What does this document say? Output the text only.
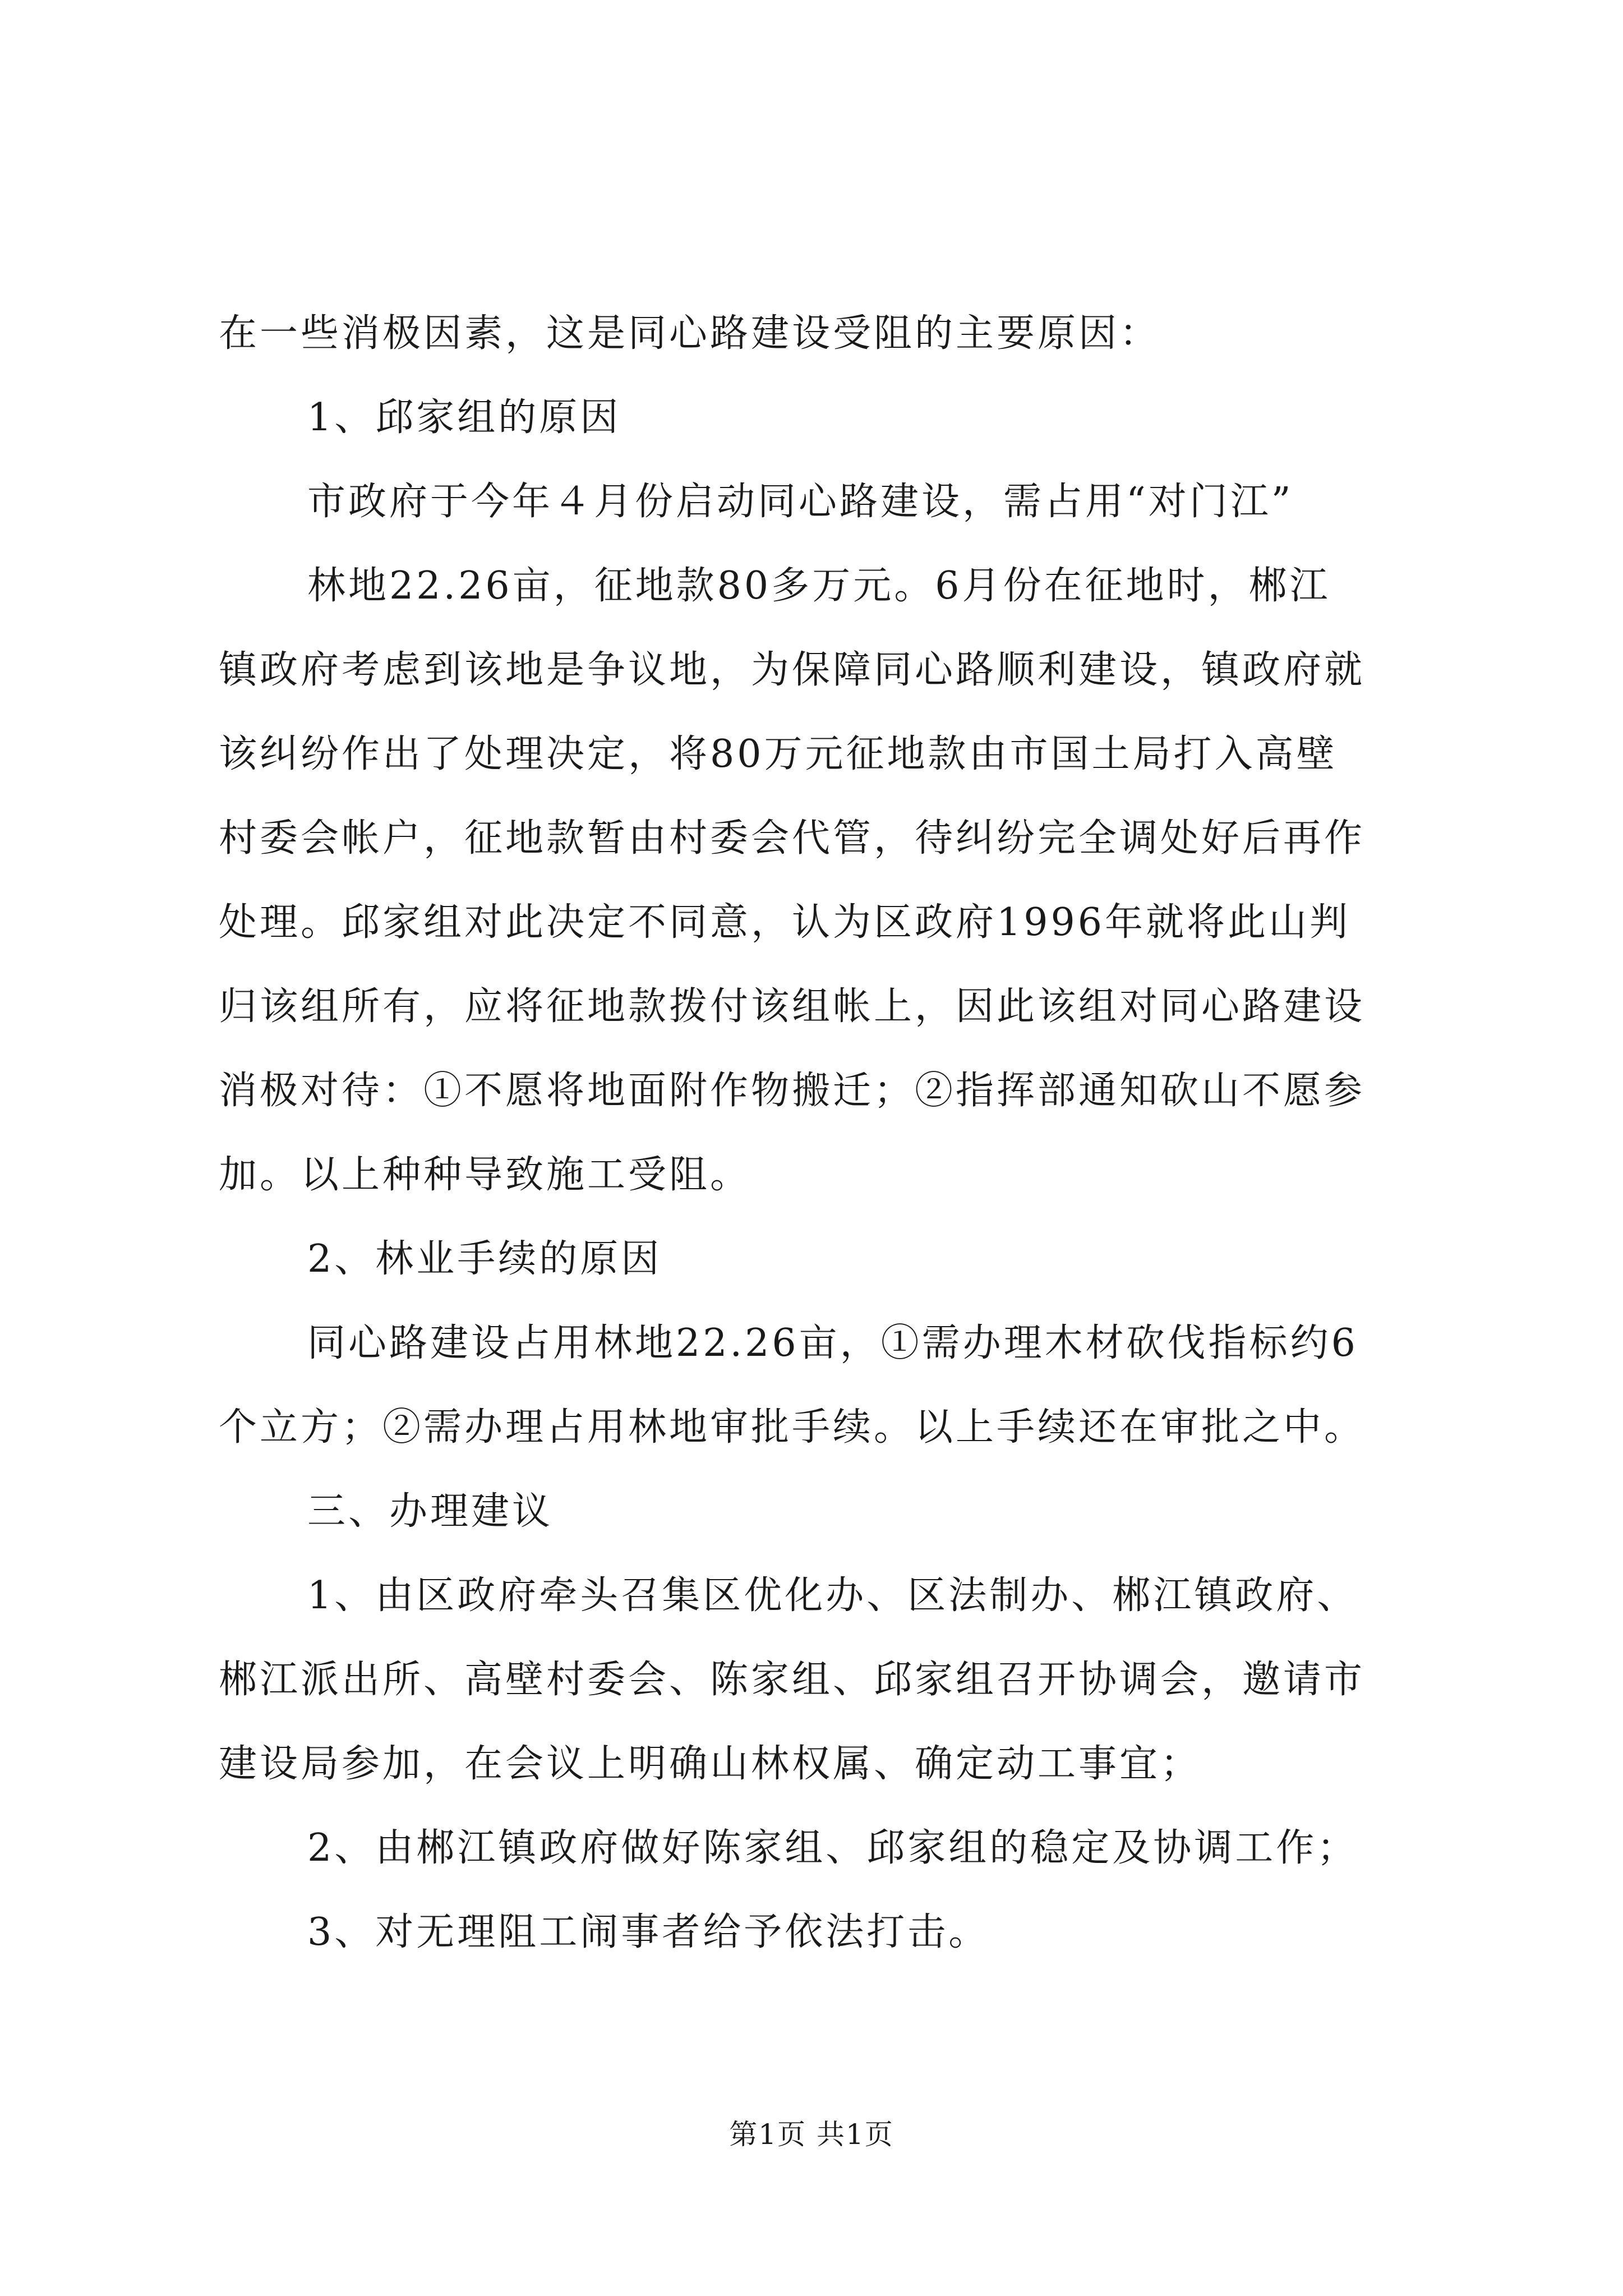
在一些消极因素，这是同心路建设受阻的主要原因：
1、邱家组的原因
市政府于今年４月份启动同心路建设，需占用“对门江”
林地22.26亩，征地款80多万元。6月份在征地时，郴江
镇政府考虑到该地是争议地，为保障同心路顺利建设，镇政府就
该纠纷作出了处理决定，将80万元征地款由市国土局打入高壁
村委会帐户，征地款暂由村委会代管，待纠纷完全调处好后再作
处理。邱家组对此决定不同意，认为区政府1996年就将此山判
归该组所有，应将征地款拨付该组帐上，因此该组对同心路建设
消极对待：①不愿将地面附作物搬迁；②指挥部通知砍山不愿参
加。以上种种导致施工受阻。
2、林业手续的原因
同心路建设占用林地22.26亩，①需办理木材砍伐指标约6
个立方；②需办理占用林地审批手续。以上手续还在审批之中。
三、办理建议
1、由区政府牵头召集区优化办、区法制办、郴江镇政府、
郴江派出所、高壁村委会、陈家组、邱家组召开协调会，邀请市
建设局参加，在会议上明确山林权属、确定动工事宜；
2、由郴江镇政府做好陈家组、邱家组的稳定及协调工作；
3、对无理阻工闹事者给予依法打击。
第1页 共1页
